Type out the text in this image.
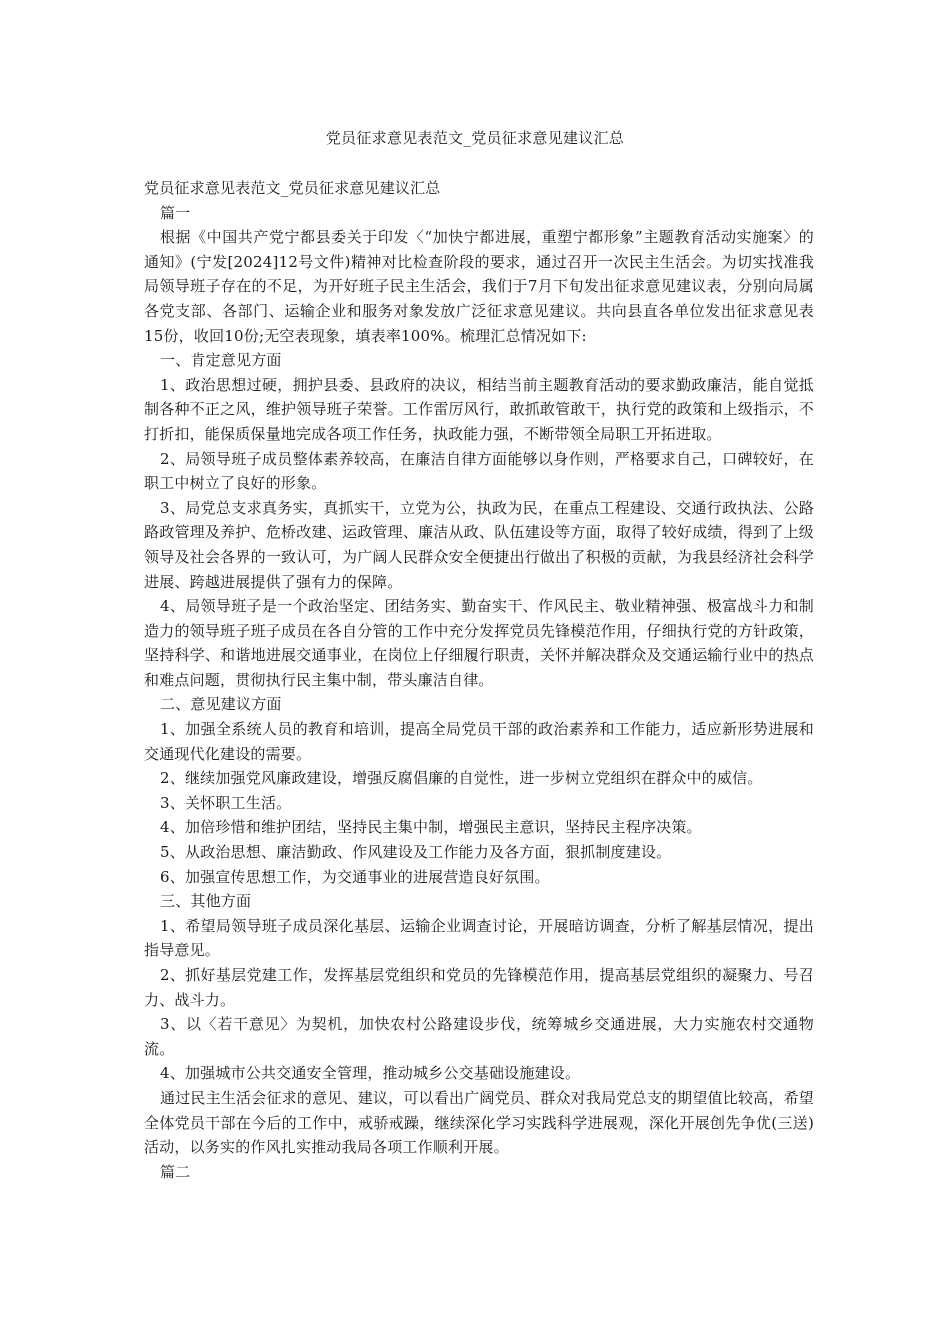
党员征求意见表范文_党员征求意见建议汇总

党员征求意见表范文_党员征求意见建议汇总

篇一

根据《中国共产党宁都县委关于印发〈“加快宁都进展，重塑宁都形象”主题教育活动实施案〉的通知》(宁发[2024]12号文件)精神对比检查阶段的要求，通过召开一次民主生活会。为切实找准我局领导班子存在的不足，为开好班子民主生活会，我们于7月下旬发出征求意见建议表，分别向局属各党支部、各部门、运输企业和服务对象发放广泛征求意见建议。共向县直各单位发出征求意见表15份，收回10份;无空表现象，填表率100%。梳理汇总情况如下:

一、肯定意见方面

1、政治思想过硬，拥护县委、县政府的决议，相结当前主题教育活动的要求勤政廉洁，能自觉抵制各种不正之风，维护领导班子荣誉。工作雷厉风行，敢抓敢管敢干，执行党的政策和上级指示，不打折扣，能保质保量地完成各项工作任务，执政能力强，不断带领全局职工开拓进取。

2、局领导班子成员整体素养较高，在廉洁自律方面能够以身作则，严格要求自己，口碑较好，在职工中树立了良好的形象。

3、局党总支求真务实，真抓实干，立党为公，执政为民，在重点工程建设、交通行政执法、公路路政管理及养护、危桥改建、运政管理、廉洁从政、队伍建设等方面，取得了较好成绩，得到了上级领导及社会各界的一致认可，为广阔人民群众安全便捷出行做出了积极的贡献，为我县经济社会科学进展、跨越进展提供了强有力的保障。

4、局领导班子是一个政治坚定、团结务实、勤奋实干、作风民主、敬业精神强、极富战斗力和制造力的领导班子班子成员在各自分管的工作中充分发挥党员先锋模范作用，仔细执行党的方针政策，坚持科学、和谐地进展交通事业，在岗位上仔细履行职责，关怀并解决群众及交通运输行业中的热点和难点问题，贯彻执行民主集中制，带头廉洁自律。

二、意见建议方面

1、加强全系统人员的教育和培训，提高全局党员干部的政治素养和工作能力，适应新形势进展和交通现代化建设的需要。

2、继续加强党风廉政建设，增强反腐倡廉的自觉性，进一步树立党组织在群众中的威信。

3、关怀职工生活。

4、加倍珍惜和维护团结，坚持民主集中制，增强民主意识，坚持民主程序决策。

5、从政治思想、廉洁勤政、作风建设及工作能力及各方面，狠抓制度建设。

6、加强宣传思想工作，为交通事业的进展营造良好氛围。

三、其他方面

1、希望局领导班子成员深化基层、运输企业调查讨论，开展暗访调查，分析了解基层情况，提出指导意见。

2、抓好基层党建工作，发挥基层党组织和党员的先锋模范作用，提高基层党组织的凝聚力、号召力、战斗力。

3、以〈若干意见〉为契机，加快农村公路建设步伐，统筹城乡交通进展，大力实施农村交通物流。

4、加强城市公共交通安全管理，推动城乡公交基础设施建设。

通过民主生活会征求的意见、建议，可以看出广阔党员、群众对我局党总支的期望值比较高，希望全体党员干部在今后的工作中，戒骄戒躁，继续深化学习实践科学进展观，深化开展创先争优(三送)活动，以务实的作风扎实推动我局各项工作顺利开展。

篇二
